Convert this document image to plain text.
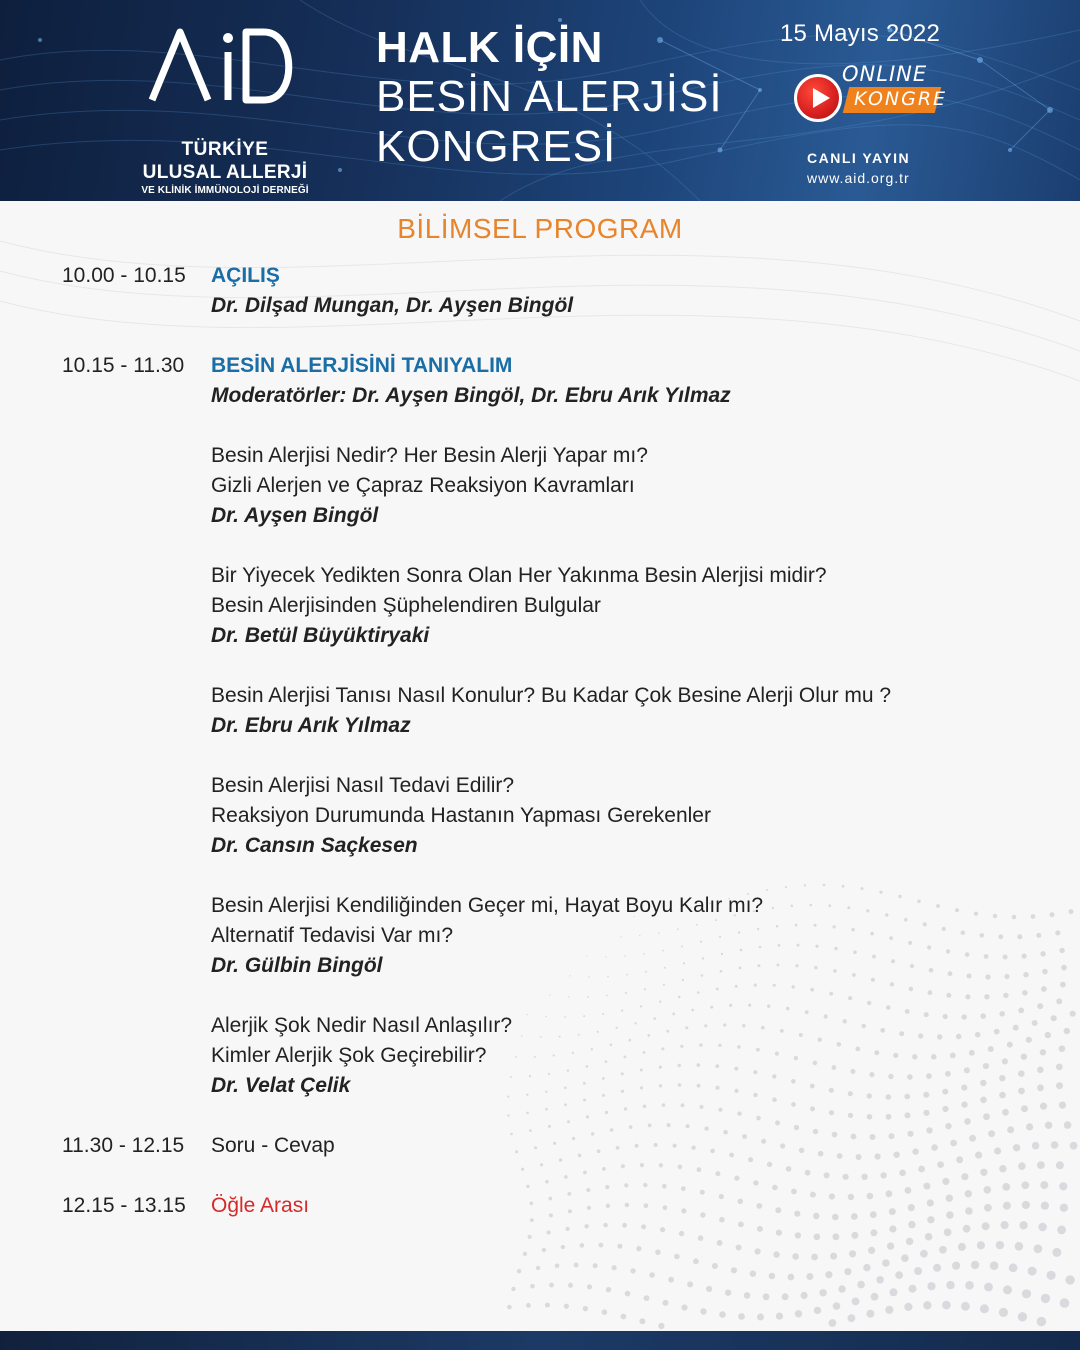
TÜRKİYE
ULUSAL ALLERJİ
VE KLİNİK İMMÜNOLOJİ DERNEĞİ
HALK İÇİN
BESİN ALERJİSİ
KONGRESİ
15 Mayıs 2022
ONLINE
KONGRE
CANLI YAYIN
www.aid.org.tr
BİLİMSEL PROGRAM
10.00 - 10.15 AÇILIŞ
Dr. Dilşad Mungan, Dr. Ayşen Bingöl
10.15 - 11.30 BESİN ALERJİSİNİ TANIYALIM
Moderatörler: Dr. Ayşen Bingöl, Dr. Ebru Arık Yılmaz
Besin Alerjisi Nedir? Her Besin Alerji Yapar mı?
Gizli Alerjen ve Çapraz Reaksiyon Kavramları
Dr. Ayşen Bingöl
Bir Yiyecek Yedikten Sonra Olan Her Yakınma Besin Alerjisi midir?
Besin Alerjisinden Şüphelendiren Bulgular
Dr. Betül Büyüktiryaki
Besin Alerjisi Tanısı Nasıl Konulur? Bu Kadar Çok Besine Alerji Olur mu ?
Dr. Ebru Arık Yılmaz
Besin Alerjisi Nasıl Tedavi Edilir?
Reaksiyon Durumunda Hastanın Yapması Gerekenler
Dr. Cansın Saçkesen
Besin Alerjisi Kendiliğinden Geçer mi, Hayat Boyu Kalır mı?
Alternatif Tedavisi Var mı?
Dr. Gülbin Bingöl
Alerjik Şok Nedir Nasıl Anlaşılır?
Kimler Alerjik Şok Geçirebilir?
Dr. Velat Çelik
11.30 - 12.15 Soru - Cevap
12.15 - 13.15 Öğle Arası
